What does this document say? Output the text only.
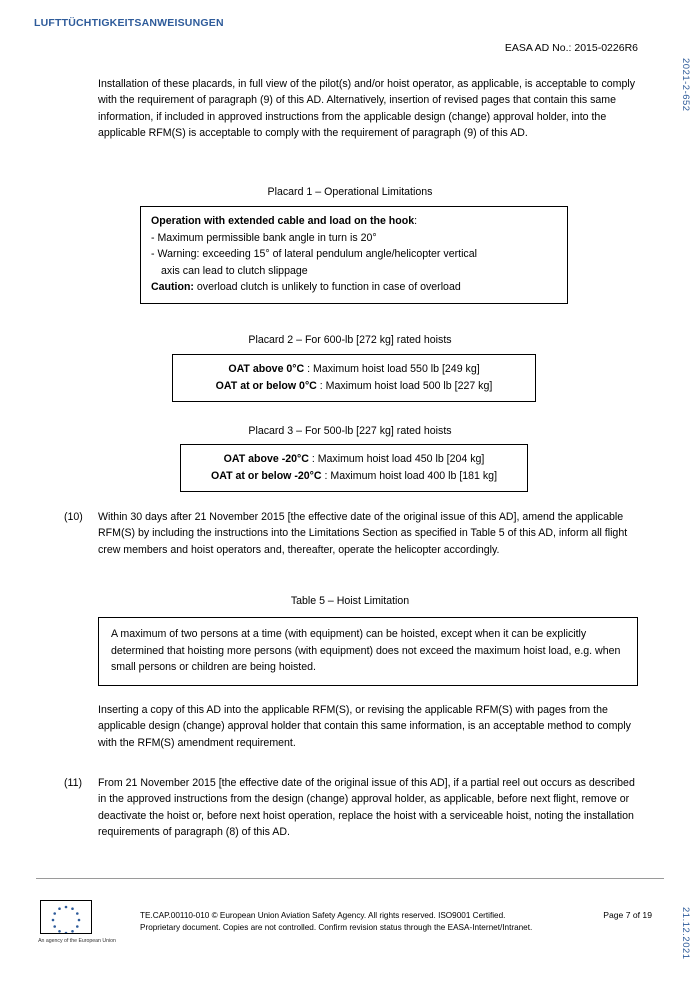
LUFTTÜCHTIGKEITSANWEISUNGEN
EASA AD No.: 2015-0226R6
2021-2-652
21.12.2021
Installation of these placards, in full view of the pilot(s) and/or hoist operator, as applicable, is acceptable to comply with the requirement of paragraph (9) of this AD. Alternatively, insertion of revised pages that contain this same information, if included in approved instructions from the applicable design (change) approval holder, into the applicable RFM(S) is acceptable to comply with the requirement of paragraph (9) of this AD.
Placard 1 – Operational Limitations
Operation with extended cable and load on the hook:
- Maximum permissible bank angle in turn is 20°
- Warning: exceeding 15° of lateral pendulum angle/helicopter vertical
axis can lead to clutch slippage
Caution: overload clutch is unlikely to function in case of overload
Placard 2 – For 600-lb [272 kg] rated hoists
OAT above 0°C : Maximum hoist load 550 lb [249 kg]
OAT at or below 0°C : Maximum hoist load 500 lb [227 kg]
Placard 3 – For 500-lb [227 kg] rated hoists
OAT above -20°C : Maximum hoist load 450 lb [204 kg]
OAT at or below -20°C : Maximum hoist load 400 lb [181 kg]
(10)	Within 30 days after 21 November 2015 [the effective date of the original issue of this AD], amend the applicable RFM(S) by including the instructions into the Limitations Section as specified in Table 5 of this AD, inform all flight crew members and hoist operators and, thereafter, operate the helicopter accordingly.
Table 5 – Hoist Limitation
A maximum of two persons at a time (with equipment) can be hoisted, except when it can be explicitly determined that hoisting more persons (with equipment) does not exceed the maximum hoist load, e.g. when small persons or children are being hoisted.
Inserting a copy of this AD into the applicable RFM(S), or revising the applicable RFM(S) with pages from the applicable design (change) approval holder that contain this same information, is an acceptable method to comply with the RFM(S) amendment requirement.
(11)	From 21 November 2015 [the effective date of the original issue of this AD], if a partial reel out occurs as described in the approved instructions from the design (change) approval holder, as applicable, before next flight, remove or deactivate the hoist or, before next hoist operation, replace the hoist with a serviceable hoist, noting the installation requirements of paragraph (8) of this AD.
An agency of the European Union
TE.CAP.00110-010 © European Union Aviation Safety Agency. All rights reserved. ISO9001 Certified.
Proprietary document. Copies are not controlled. Confirm revision status through the EASA-Internet/Intranet.
Page 7 of 19
